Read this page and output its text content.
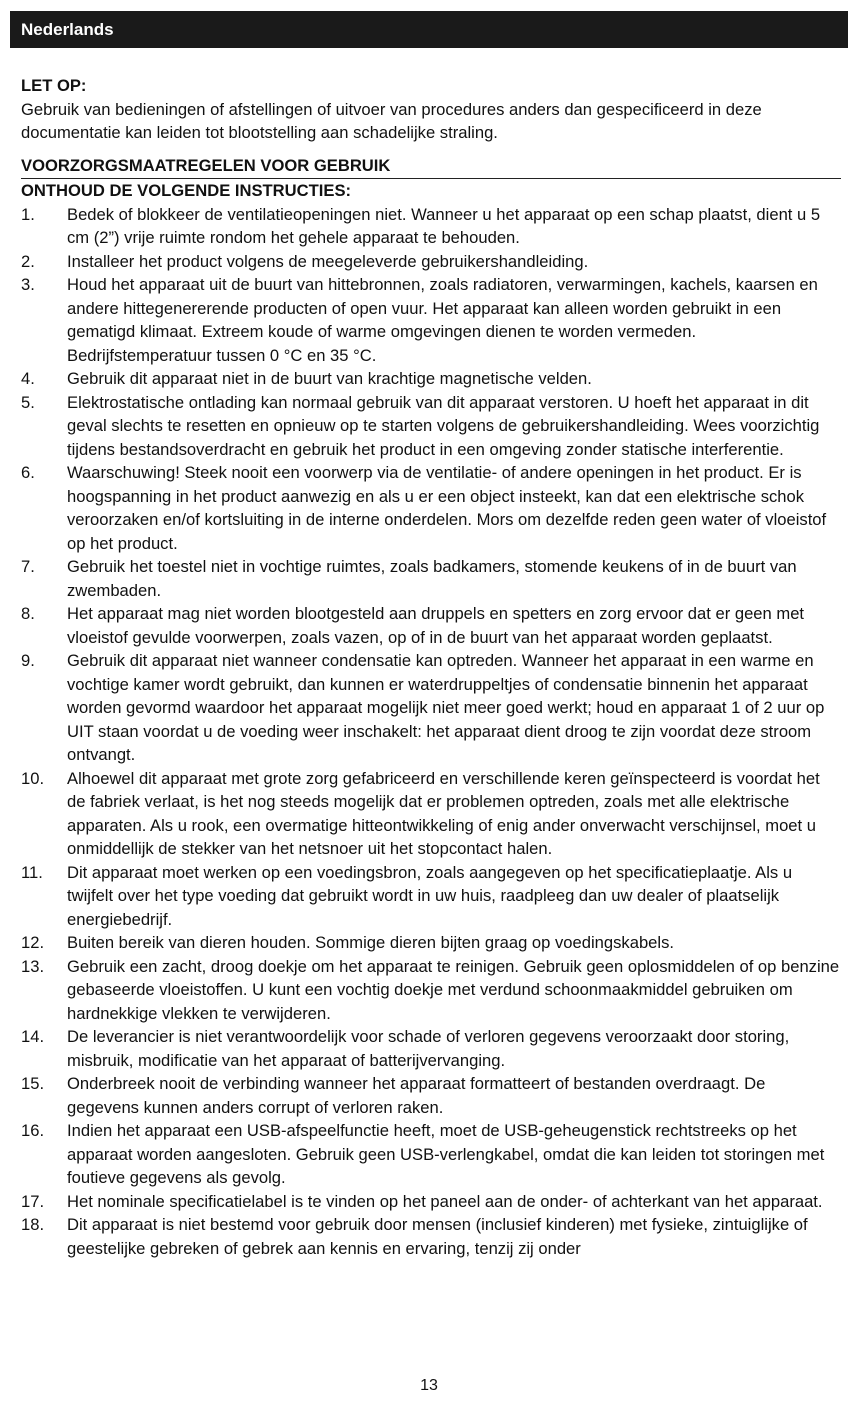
Nederlands

LET OP:

Gebruik van bedieningen of afstellingen of uitvoer van procedures anders dan gespecificeerd in deze documentatie kan leiden tot blootstelling aan schadelijke straling.

VOORZORGSMAATREGELEN VOOR GEBRUIK

ONTHOUD DE VOLGENDE INSTRUCTIES:

1. Bedek of blokkeer de ventilatieopeningen niet. Wanneer u het apparaat op een schap plaatst, dient u 5 cm (2”) vrije ruimte rondom het gehele apparaat te behouden.
2. Installeer het product volgens de meegeleverde gebruikershandleiding.
3. Houd het apparaat uit de buurt van hittebronnen, zoals radiatoren, verwarmingen, kachels, kaarsen en andere hittegenererende producten of open vuur. Het apparaat kan alleen worden gebruikt in een gematigd klimaat. Extreem koude of warme omgevingen dienen te worden vermeden. Bedrijfstemperatuur tussen 0 °C en 35 °C.
4. Gebruik dit apparaat niet in de buurt van krachtige magnetische velden.
5. Elektrostatische ontlading kan normaal gebruik van dit apparaat verstoren. U hoeft het apparaat in dit geval slechts te resetten en opnieuw op te starten volgens de gebruikershandleiding. Wees voorzichtig tijdens bestandsoverdracht en gebruik het product in een omgeving zonder statische interferentie.
6. Waarschuwing! Steek nooit een voorwerp via de ventilatie- of andere openingen in het product. Er is hoogspanning in het product aanwezig en als u er een object insteekt, kan dat een elektrische schok veroorzaken en/of kortsluiting in de interne onderdelen. Mors om dezelfde reden geen water of vloeistof op het product.
7. Gebruik het toestel niet in vochtige ruimtes, zoals badkamers, stomende keukens of in de buurt van zwembaden.
8. Het apparaat mag niet worden blootgesteld aan druppels en spetters en zorg ervoor dat er geen met vloeistof gevulde voorwerpen, zoals vazen, op of in de buurt van het apparaat worden geplaatst.
9. Gebruik dit apparaat niet wanneer condensatie kan optreden. Wanneer het apparaat in een warme en vochtige kamer wordt gebruikt, dan kunnen er waterdruppeltjes of condensatie binnenin het apparaat worden gevormd waardoor het apparaat mogelijk niet meer goed werkt; houd en apparaat 1 of 2 uur op UIT staan voordat u de voeding weer inschakelt: het apparaat dient droog te zijn voordat deze stroom ontvangt.
10. Alhoewel dit apparaat met grote zorg gefabriceerd en verschillende keren geïnspecteerd is voordat het de fabriek verlaat, is het nog steeds mogelijk dat er problemen optreden, zoals met alle elektrische apparaten. Als u rook, een overmatige hitteontwikkeling of enig ander onverwacht verschijnsel, moet u onmiddellijk de stekker van het netsnoer uit het stopcontact halen.
11. Dit apparaat moet werken op een voedingsbron, zoals aangegeven op het specificatieplaatje. Als u twijfelt over het type voeding dat gebruikt wordt in uw huis, raadpleeg dan uw dealer of plaatselijk energiebedrijf.
12. Buiten bereik van dieren houden. Sommige dieren bijten graag op voedingskabels.
13. Gebruik een zacht, droog doekje om het apparaat te reinigen. Gebruik geen oplosmiddelen of op benzine gebaseerde vloeistoffen. U kunt een vochtig doekje met verdund schoonmaakmiddel gebruiken om hardnekkige vlekken te verwijderen.
14. De leverancier is niet verantwoordelijk voor schade of verloren gegevens veroorzaakt door storing, misbruik, modificatie van het apparaat of batterijvervanging.
15. Onderbreek nooit de verbinding wanneer het apparaat formatteert of bestanden overdraagt. De gegevens kunnen anders corrupt of verloren raken.
16. Indien het apparaat een USB-afspeelfunctie heeft, moet de USB-geheugenstick rechtstreeks op het apparaat worden aangesloten. Gebruik geen USB-verlengkabel, omdat die kan leiden tot storingen met foutieve gegevens als gevolg.
17. Het nominale specificatielabel is te vinden op het paneel aan de onder- of achterkant van het apparaat.
18. Dit apparaat is niet bestemd voor gebruik door mensen (inclusief kinderen) met fysieke, zintuiglijke of geestelijke gebreken of gebrek aan kennis en ervaring, tenzij zij onder
13
